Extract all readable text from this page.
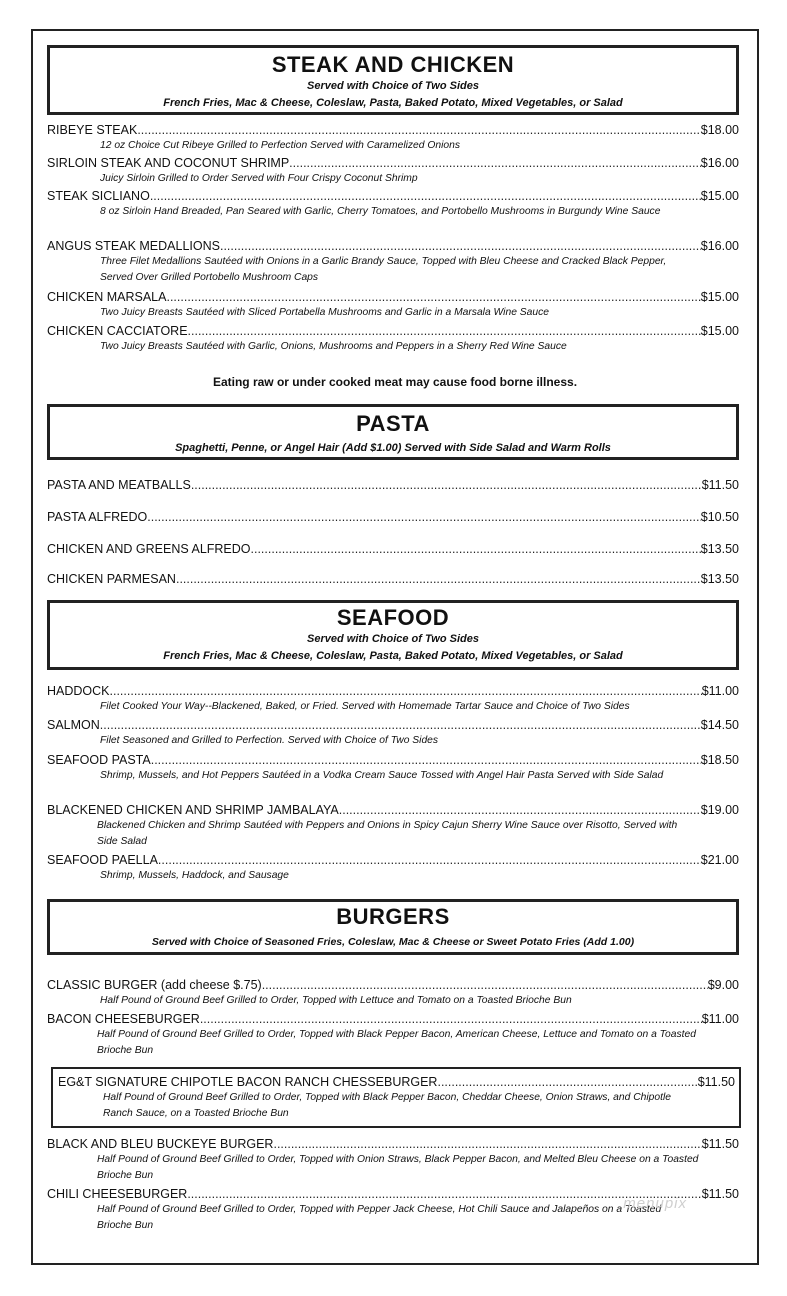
STEAK AND CHICKEN
Served with Choice of Two Sides
French Fries, Mac & Cheese, Coleslaw, Pasta, Baked Potato, Mixed Vegetables, or Salad
RIBEYE STEAK .....	$18.00
12 oz Choice Cut Ribeye Grilled to Perfection Served with Caramelized Onions
SIRLOIN STEAK AND COCONUT SHRIMP .....	$16.00
Juicy Sirloin Grilled to Order Served with Four Crispy Coconut Shrimp
STEAK SICLIANO .....	$15.00
8 oz Sirloin Hand Breaded, Pan Seared with Garlic, Cherry Tomatoes, and Portobello Mushrooms in Burgundy Wine Sauce
ANGUS STEAK MEDALLIONS. .....	$16.00
Three Filet Medallions Sautéed with Onions in a Garlic Brandy Sauce, Topped with Bleu Cheese and Cracked Black Pepper, Served Over Grilled Portobello Mushroom Caps
CHICKEN MARSALA .....	$15.00
Two Juicy Breasts Sautéed with Sliced Portabella Mushrooms and Garlic in a Marsala Wine Sauce
CHICKEN CACCIATORE .....	$15.00
Two Juicy Breasts Sautéed with Garlic, Onions, Mushrooms and Peppers in a Sherry Red Wine Sauce
Eating raw or under cooked meat may cause food borne illness.
PASTA
Spaghetti, Penne, or Angel Hair (Add $1.00) Served with Side Salad and Warm Rolls
PASTA AND MEATBALLS .....	$11.50
PASTA ALFREDO .....	$10.50
CHICKEN AND GREENS ALFREDO .....	$13.50
CHICKEN PARMESAN .....	$13.50
SEAFOOD
Served with Choice of Two Sides
French Fries, Mac & Cheese, Coleslaw, Pasta, Baked Potato, Mixed Vegetables, or Salad
HADDOCK. .....	$11.00
Filet Cooked Your Way--Blackened, Baked, or Fried. Served with Homemade Tartar Sauce and Choice of Two Sides
SALMON .....	$14.50
Filet Seasoned and Grilled to Perfection. Served with Choice of Two Sides
SEAFOOD PASTA .....	$18.50
Shrimp, Mussels, and Hot Peppers Sautéed in a Vodka Cream Sauce Tossed with Angel Hair Pasta Served with Side Salad
BLACKENED CHICKEN AND SHRIMP JAMBALAYA .....	$19.00
Blackened Chicken and Shrimp Sautéed with Peppers and Onions in Spicy Cajun Sherry Wine Sauce over Risotto, Served with Side Salad
SEAFOOD PAELLA .....	$21.00
Shrimp, Mussels, Haddock, and Sausage
BURGERS
Served with Choice of Seasoned Fries, Coleslaw, Mac & Cheese or Sweet Potato Fries (Add 1.00)
CLASSIC BURGER (add cheese $.75) .....	$9.00
Half Pound of Ground Beef Grilled to Order, Topped with Lettuce and Tomato on a Toasted Brioche Bun
BACON CHEESEBURGER .....	$11.00
Half Pound of Ground Beef Grilled to Order, Topped with Black Pepper Bacon, American Cheese, Lettuce and Tomato on a Toasted Brioche Bun
EG&T SIGNATURE CHIPOTLE BACON RANCH CHESSEBURGER .....	$11.50
Half Pound of Ground Beef Grilled to Order, Topped with Black Pepper Bacon, Cheddar Cheese, Onion Straws, and Chipotle Ranch Sauce, on a Toasted Brioche Bun
BLACK AND BLEU BUCKEYE BURGER .....	$11.50
Half Pound of Ground Beef Grilled to Order, Topped with Onion Straws, Black Pepper Bacon, and Melted Bleu Cheese on a Toasted Brioche Bun
CHILI CHEESEBURGER .....	$11.50
Half Pound of Ground Beef Grilled to Order, Topped with Pepper Jack Cheese, Hot Chili Sauce and Jalapeños on a Toasted Brioche Bun
menupix
